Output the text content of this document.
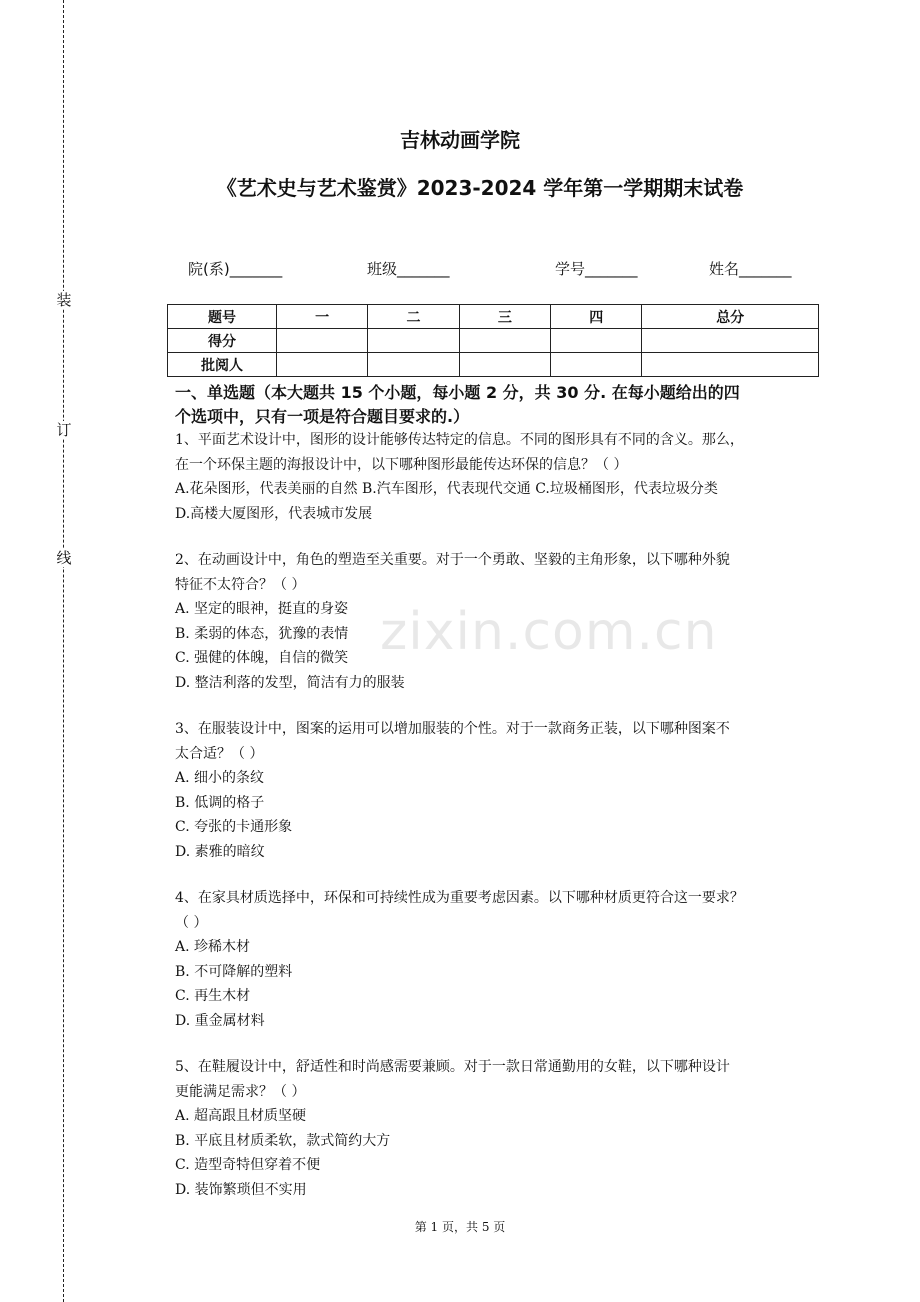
装
订
线
吉林动画学院
《艺术史与艺术鉴赏》2023-2024 学年第一学期期末试卷
院(系)_______	班级_______	学号_______	姓名_______
题号	一	二	三	四	总分
得分					
批阅人					
一、单选题（本大题共 15 个小题，每小题 2 分，共 30 分. 在每小题给出的四
个选项中，只有一项是符合题目要求的.）

1、平面艺术设计中，图形的设计能够传达特定的信息。不同的图形具有不同的含义。那么，

在一个环保主题的海报设计中，以下哪种图形最能传达环保的信息？（ ）

A.花朵图形，代表美丽的自然 B.汽车图形，代表现代交通 C.垃圾桶图形，代表垃圾分类

D.高楼大厦图形，代表城市发展

2、在动画设计中，角色的塑造至关重要。对于一个勇敢、坚毅的主角形象，以下哪种外貌

特征不太符合？（ ）

A. 坚定的眼神，挺直的身姿

B. 柔弱的体态，犹豫的表情

C. 强健的体魄，自信的微笑

D. 整洁利落的发型，简洁有力的服装

3、在服装设计中，图案的运用可以增加服装的个性。对于一款商务正装，以下哪种图案不

太合适？（ ）

A. 细小的条纹

B. 低调的格子

C. 夸张的卡通形象

D. 素雅的暗纹

4、在家具材质选择中，环保和可持续性成为重要考虑因素。以下哪种材质更符合这一要求？

（ ）

A. 珍稀木材

B. 不可降解的塑料

C. 再生木材

D. 重金属材料

5、在鞋履设计中，舒适性和时尚感需要兼顾。对于一款日常通勤用的女鞋，以下哪种设计

更能满足需求？（ ）

A. 超高跟且材质坚硬

B. 平底且材质柔软，款式简约大方

C. 造型奇特但穿着不便

D. 装饰繁琐但不实用

zixin.com.cn
第 1 页，共 5 页
